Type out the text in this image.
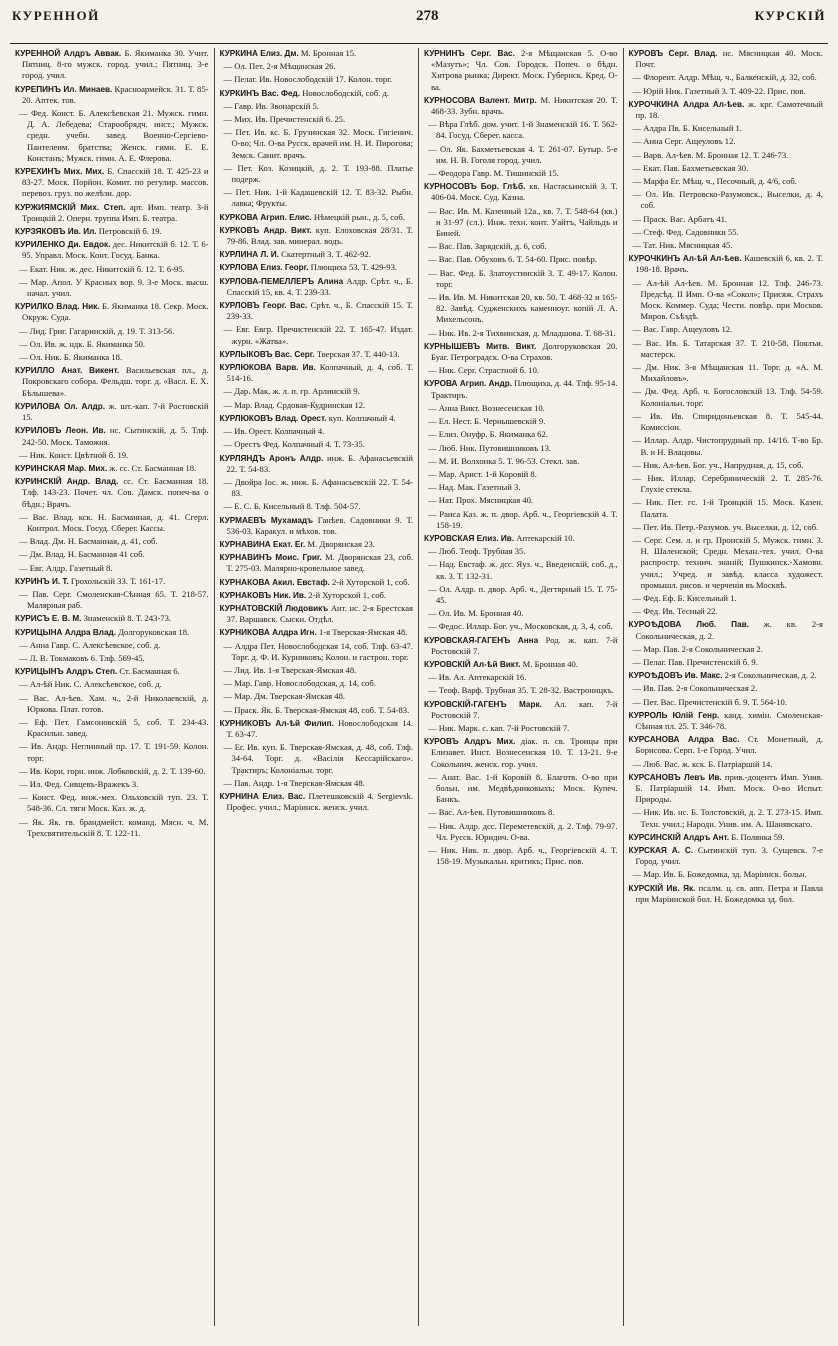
КУРЕННОЙ	278	КУРСКІЙ
КУРЕННОЙ Алдръ Аввак. Б. Якиманка 30. Учит. Пятниц. 8-го мужск. город. учил.; Пятниц. 3-е город. учил.
КУРЕПИНЪ Ил. Минаев. Красноармейск. 31. Т. 85-20. Аптек. тов.
— Фед. Конст. Б. Алексѣевская 21. Мужск. гимн. Д. А. Лебедева; Старообрядч. инст.; Мужск. средн. учебн. завед. Военно-Сергіево-Пантелеим. братства; Женск. гимн. Е. Е. Констанъ; Мужск. гимн. А. Е. Флерова.
КУРЕХИНЪ Мих. Мих. Б. Спасскій 18. Т. 425-23 и 83-27. Моск. Порйон. Комит. по регулир. массов. перевоз. груз. по желѣзн. дор.
КУРЖИЯМСКІЙ Мих. Степ. арт. Имп. театр. 3-й Троицкій 2. Оперн. труппа Имп. Б. театра.
КУРЗЯКОВЪ Ив. Ил. Петровскій б. 19.
КУРИЛЕНКО Ди. Евдок. дес. Никитскій б. 12. Т. 6-95. Управл. Моск. Конт. Госуд. Банка.
— Екат. Ник. ж. дес. Никитскій б. 12. Т. 6-95.
— Мар. Апол. У Красных вор. 9. 3-е Моск. высш. начал. учил.
КУРИЛКО Влад. Ник. Б. Якиманка 18. Секр. Моск. Окруж. Суда.
— Лид. Григ. Гагаринскій, д. 19. Т. 313-56.
— Ол. Ив. ж. ндк. Б. Якиманка 50.
— Ол. Ник. Б. Якиманка 18.
КУРИЛЛО Анат. Викент. Васильевская пл., д. Покровскаго собора. Фельдш. торг. д. «Васл. Е. Х. Бѣлышева».
КУРИЛОВА Ол. Алдр. ж. шт.-кап. 7-й Ростовскій 15.
КУРИЛОВЪ Леон. Ив. нс. Сытинскій, д. 5. Тлф. 242-50. Моск. Таможня.
— Ник. Конст. Цвѣтной б. 19.
КУРИНСКАЯ Мар. Мих. ж. сс. Ст. Басманная 18.
КУРИНСКІЙ Андр. Влад. сс. Ст. Басманная 18. Тлф. 143-23. Почет. чл. Сов. Дамск. попеч-ва о бѣдн.; Врачъ.
— Вас. Влад. кск. Н. Басманная, д. 41. Сгерл. Контрол. Моск. Госуд. Сберег. Кассы.
— Влад. Дм. Н. Басманная, д. 41, соб.
— Дм. Влад. Н. Басманная 41 соб.
— Евг. Алдр. Газетный 8.
КУРИНЪ И. Т. Грохольскій 33. Т. 161-17.
— Пав. Серг. Смоленская-Сѣнная 65. Т. 218-57. Малярныя раб.
КУРИСЪ Е. В. М. Знаменскій 8. Т. 243-73.
КУРИЦЫНА Алдра Влад. Долгоруковская 18.
— Анна Гавр. С. Алексѣевское, соб. д.
— Л. В. Токмаковъ 6. Тлф. 569-45.
КУРИЦЫНЪ Алдръ Степ. Ст. Басманная 6.
— Ал-ѣй Ник. С. Алексѣевское, соб. д.
— Вас. Ал-ѣев. Хам. ч., 2-й Николаевскій, д. Юркова. Плат. готов.
— Еф. Пет. Гамсоновскій 5, соб. Т. 234-43. Красильн. завед.
— Ив. Андр. Неглинный пр. 17. Т. 191-59. Колон. торг.
— Ив. Корн. горн. инж. Лобковскій, д. 2. Т. 139-60.
— Ил. Фед. Сивцевъ-Вражекъ 3.
— Конст. Фед. инж.-мех. Ольховскій туп. 23. Т. 548-36. Сл. тяги Моск. Каз. ж. д.
— Як. Як. гв. брандмейст. команд. Мясн. ч. М. Трехсвятительскій 8. Т. 122-11.
КУРКИНА Елиз. Дм. М. Бронная 15.
— Ол. Пет. 2-я Мѣщанская 26.
— Пелаг. Ив. Новослободскій 17. Колон. торг.
КУРКИНЪ Вас. Фед. Новослободскій, соб. д.
— Гавр. Ив. Звонарскій 5.
— Мих. Ив. Пречистенскій 6. 25.
— Пет. Ив. кс. Б. Грузинская 32. Моск. Гигіенич. О-во; Чл. О-ва Русск. врачей им. Н. И. Пирогова; Земск. Санит. врачъ.
— Пет. Коз. Козицкій, д. 2. Т. 193-88. Платье подерж.
— Пет. Ник. 1-й Кадашевскій 12. Т. 83-32. Рыбн. лавка; Фрукты.
КУРКОВА Агрип. Елис. Нѣмецкій рын., д. 5, соб.
КУРКОВЪ Андр. Викт. куп. Елоховская 28/31. Т. 79-86. Влад. зав. минерал. водъ.
КУРЛИНА Л. И. Скатертный 3. Т. 462-92.
КУРЛОВА Елиз. Георг. Плющиха 53. Т. 429-93.
КУРЛОВА-ПЕМЕЛЛЕРЪ Алина Алдр. Срѣт. ч., Б. Спасскій 15, кв. 4. Т. 239-33.
КУРЛОВЪ Георг. Вас. Срѣт. ч., Б. Спасскій 15. Т. 239-33.
— Евг. Евгр. Пречистенскій 22. Т. 165-47. Издат. журн. «Жатва».
КУРЛЫКОВЪ Вас. Серг. Тверская 37. Т. 440-13.
КУРЛЮКОВА Варв. Ив. Колпачный, д. 4, соб. Т. 514-16.
— Дар. Мак. ж. л. п. гр. Арлинскій 9.
— Мар. Влад. Срдовая-Кудринская 12.
КУРЛЮКОВЪ Влад. Орест. куп. Колпачный 4.
— Ив. Орест. Колпачный 4.
— Орестъ Фед. Колпачный 4. Т. 73-35.
КУРЛЯНДЪ Аронъ Алдр. инж. Б. Афанасьевскій 22. Т. 54-83.
— Двойра Іос. ж. инж. Б. Афанасьевскій 22. Т. 54-83.
— Е. С. Б. Кисельный 8. Тлф. 504-57.
КУРМАЕВЪ Мухамадъ Ганѣев. Садовники 9. Т. 536-03. Каракул. и мѣхов. тов.
КУРНАВИНА Екат. Ег. М. Дворянская 23.
КУРНАВИНЪ Моис. Григ. М. Дворянская 23, соб. Т. 275-03. Малярно-кровельное завед.
КУРНАКОВА Акил. Евстаф. 2-й Хуторской 1, соб.
КУРНАКОВЪ Ник. Ив. 2-й Хуторской 1, соб.
КУРНАТОВСКІЙ Людовикъ Ант. нс. 2-я Брестская 37. Варшавск. Сыскн. Отдѣл.
КУРНИКОВА Алдра Игн. 1-я Тверская-Ямская 48.
— Алдра Пет. Новослободская 14, соб. Тлф. 63-47. Торг. д. Ф. И. Курниковъ; Колон. и гастрон. торг.
— Лид. Ив. 1-я Тверская-Ямская 48.
— Мар. Гавр. Новослободская, д. 14, соб.
— Мар. Дм. Тверская-Ямская 48.
— Праск. Як. Б. Тверская-Ямская 48, соб. Т. 54-83.
КУРНИКОВЪ Ал-ѣй Филип. Новослободская 14. Т. 63-47.
— Ег. Ив. куп. Б. Тверская-Ямская, д. 48, соб. Тлф. 34-64. Торг. д. «Васілія Кессарійскаго». Трактиръ; Колоніальн. торг.
— Пав. Андр. 1-я Тверская-Ямская 48.
КУРНИНА Елиз. Вас. Плетешковскій 4. Sergievsk. Профес. учил.; Маріинск. женск. учил.
КУРНИНЪ Серг. Вас. 2-я Мѣщанская 5. О-во «Мазутъ»; Чл. Сов. Городск. Попеч. о бѣдн. Хитрова рынка; Директ. Моск. Губернск. Кред. О-ва.
КУРНОСОВА Валент. Митр. М. Никитская 20. Т. 468-33. Зубн. врачъ.
— Вѣра Глѣб. дом. учит. 1-й Знаменскій 16. Т. 562-84. Госуд. Сберег. касса.
— Ол. Як. Бахметьевская 4. Т. 261-07. Бутыр. 5-е им. Н. В. Гоголя город. учил.
— Феодора Гавр. М. Тишинскій 15.
КУРНОСОВЪ Бор. Глѣб. кв. Настасьинскій 3. Т. 406-04. Моск. Суд. Казна.
— Вас. Ив. М. Казенный 12а., кв. 7. Т. 548-64 (кв.) и 31-97 (сл.). Инж. техн. конт. Уайтъ, Чайльдъ и Биней.
— Вас. Пав. Зарядскій, д. 6, соб.
— Вас. Пав. Обуховъ 6. Т. 54-60. Прис. повѣр.
— Вас. Фед. Б. Златоустинскій 3. Т. 49-17. Колон. торг.
— Ив. Ив. М. Никитская 20, кв. 50. Т. 468-32 и 165-82. Завѣд. Судженскихъ каменноуг. копій Л. А. Михельсонъ.
— Ник. Ив. 2-я Тихвинская, д. Младшова. Т. 68-31.
КУРНЫШЕВЪ Митв. Викт. Долгоруковская 20. Буаг. Петроградск. О-ва Страхов.
— Ник. Серг. Страстной б. 10.
КУРОВА Агрип. Андр. Плющиха, д. 44. Тлф. 95-14. Трактиръ.
— Анна Викт. Вознесенская 10.
— Ел. Нест. Б. Чернышевскій 9.
— Елиз. Онуфр. Б. Якиманка 62.
— Люб. Ник. Путовишниковъ 13.
— М. И. Волхонка 5. Т. 96-53. Стекл. зав.
— Мар. Арист. 1-й Коровій 8.
— Над. Мак. Газетный 3.
— Нат. Прох. Мясницкая 40.
— Раиса Каз. ж. п. двор. Арб. ч., Георгіевскій 4. Т. 158-19.
КУРОВСКАЯ Елиз. Ив. Аптекарскій 10.
— Люб. Теоф. Трубная 35.
— Над. Евстаф. ж. дсс. Яуз. ч., Введенскій, соб. д., кв. 3. Т. 132-31.
— Ол. Алдр. п. двор. Арб. ч., Дегтярный 15. Т. 75-45.
— Ол. Ив. М. Бронная 40.
— Федос. Иллар. Бог. уч., Московская, д. 3, 4, соб.
КУРОВСКАЯ-ГАГЕНЪ Анна Род. ж. кап. 7-й Ростовскій 7.
КУРОВСКІЙ Ал-ѣй Викт. М. Бронная 40.
— Ив. Ал. Аптекарскій 16.
— Теоф. Варф. Трубная 35. Т. 28-32. Вастроницкъ.
КУРОВСКІЙ-ГАГЕНЪ Марк. Ал. кап. 7-й Ростовскій 7.
— Ник. Марк. с. кап. 7-й Ростовскій 7.
КУРОВЪ Алдръ Мих. діак. п. св. Троицы при Елизавет. Инст. Вознесенская 10. Т. 13-21. 9-е Сокольнич. женск. гор. учил.
— Анат. Вас. 1-й Коровій 8. Благотв. О-во при больн. им. Медвѣдниковыхъ; Моск. Купеч. Банкъ.
— Вас. Ал-ѣев. Путовишниковъ 8.
— Ник. Алдр. дсс. Переметевскій, д. 2. Тлф. 79-97. Чл. Русск. Юридич. О-ва.
— Ник. Ник. п. двор. Арб. ч., Георгіевскій 4. Т. 158-19. Музыкальн. критикъ; Прис. пов.
КУРОВЪ Серг. Влад. нс. Мясницкая 40. Моск. Почт.
— Флорент. Алдр. Мѣщ. ч., Балкенскій, д. 32, соб.
— Юрій Ник. Газетный 3. Т. 409-22. Прис. пов.
КУРОЧКИНА Алдра Ал-ѣев. ж. крг. Самотечный пр. 18.
— Алдра Пв. Б. Кисельный 1.
— Анна Серг. Ащеуловъ 12.
— Варв. Ал-ѣев. М. Бронная 12. Т. 246-73.
— Екат. Пав. Бахметьевская 30.
— Марфа Ег. Мѣщ. ч., Песочный, д. 4/6, соб.
— Ол. Ив. Петровско-Разумовск., Выселки, д. 4, соб.
— Праск. Вас. Арбатъ 41.
— Стеф. Фед. Садовники 55.
— Тат. Ник. Мясницкая 45.
КУРОЧКИНЪ Ал-ѣй Ал-ѣев. Кашевскій 6, кв. 2. Т. 198-18. Врачъ.
— Ал-ѣй Ал-ѣев. М. Бронная 12. Тлф. 246-73. Предсѣд. II Имп. О-ва «Сокол»; Присяж. Страхъ Моск. Коммер. Суда; Чести. повѣр. при Москов. Миров. Съѣздѣ.
— Вас. Гавр. Ащеуловъ 12.
— Вас. Ив. Б. Татарская 37. Т. 210-58. Поялъи. мастерск.
— Дм. Ник. 3-я Мѣщанская 11. Торг. д. «А. М. Михайловъ».
— Дм. Фед. Арб. ч. Богословскій 13. Тлф. 54-59. Колоніальн. торг.
— Ив. Ив. Спиридоньевская 8. Т. 545-44. Комиссіон.
— Иллар. Алдр. Чистопрудный пр. 14/16. Т-во Бр. В. и Н. Влацовы.
— Ник. Ал-ѣев. Бог. уч., Напрудная, д. 15, соб.
— Ник. Иллар. Серебряническій 2. Т. 285-76. Глухіе стекла.
— Ник. Пет. гс. 1-й Троицкій 15. Моск. Казен. Палата.
— Пет. Ив. Петр.-Разумов. уч. Выселки, д. 12, соб.
— Серг. Сем. л. и гр. Пронскій 5. Мужск. гимн. 3. Н. Шаленской; Средн. Механ.-тех. учил. О-ва распростр. технич. знаній; Пушкинск.-Хамовн. учил.; Учред. и завѣд. класса художест. промышл. рисов. и черченія въ Москвѣ.
— Фед. Еф. Б. Кисельный 1.
— Фед. Ив. Тесный 22.
КУРОѢДОВА Люб. Пав. ж. кв. 2-я Сокольническая, д. 2.
— Мар. Пав. 2-я Сокольническая 2.
— Пелаг. Пав. Пречистенскій б. 9.
КУРОѢДОВЪ Ив. Макс. 2-я Сокольническая, д. 2.
— Ив. Пав. 2-я Сокольническая 2.
— Пет. Вас. Пречистенскій б. 9. Т. 564-10.
КУРРОЛЬ Юлій Генр. канд. химін. Смоленская-Сѣнная пл. 25. Т. 346-78.
КУРСАНОВА Алдра Вас. Ст. Монетный, д. Борисова. Серп. 1-е Город. Учил.
— Люб. Вас. ж. кск. Б. Патріаршій 14.
КУРСАНОВЪ Левъ Ив. прив.-доцентъ Имп. Унив. Б. Патріаршій 14. Имп. Моск. О-во Испыт. Природы.
— Ник. Ив. нс. Б. Толстовскій, д. 2. Т. 273-15. Имп. Техн. учил.; Народн. Унив. им. А. Шанявскаго.
КУРСИНСКІЙ Алдръ Ант. Б. Полянка 59.
КУРСКАЯ А. С. Сытинскій туп. 3. Сущевск. 7-е Город. учил.
— Мар. Ив. Б. Божедомка, зд. Маріинск. больн.
КУРСКІЙ Ив. Як. псалм. ц. св. апп. Петра и Павла при Маріинской бол. Н. Божедомка зд. бол.
